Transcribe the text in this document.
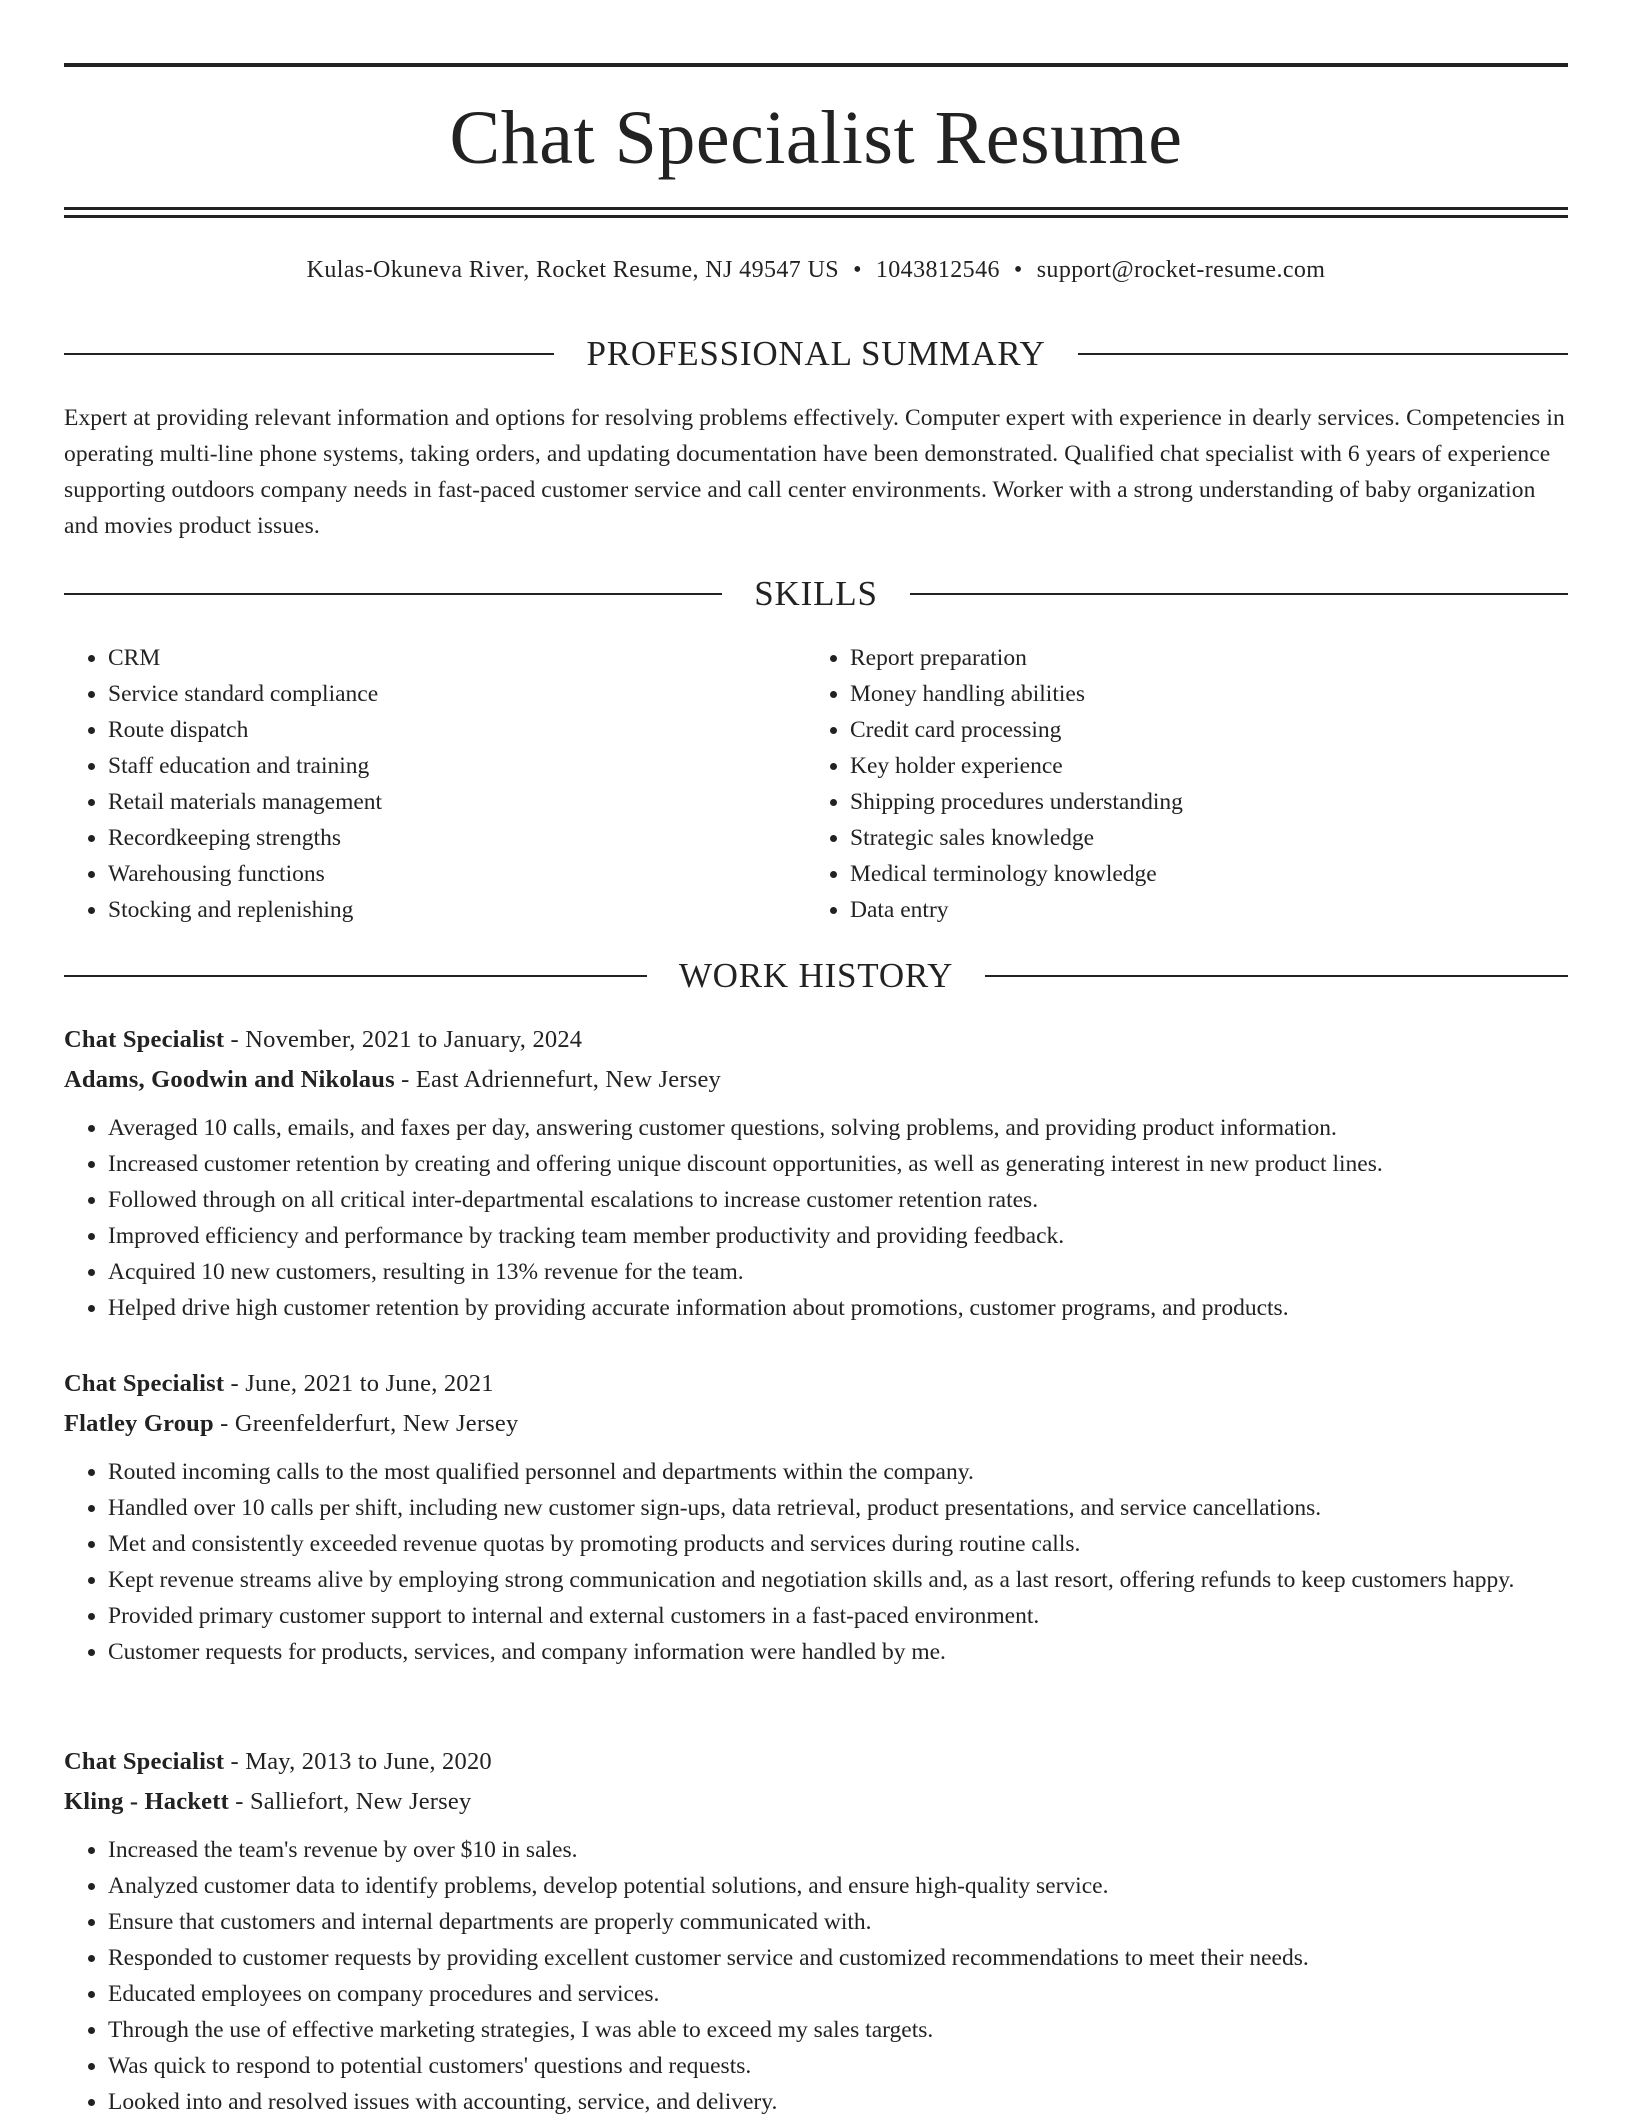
Chat Specialist Resume
Kulas-Okuneva River, Rocket Resume, NJ 49547 US • 1043812546 • support@rocket-resume.com
PROFESSIONAL SUMMARY

Expert at providing relevant information and options for resolving problems effectively. Computer expert with experience in dearly services. Competencies in operating multi-line phone systems, taking orders, and updating documentation have been demonstrated. Qualified chat specialist with 6 years of experience supporting outdoors company needs in fast-paced customer service and call center environments. Worker with a strong understanding of baby organization and movies product issues.

SKILLS
• CRM
• Service standard compliance
• Route dispatch
• Staff education and training
• Retail materials management
• Recordkeeping strengths
• Warehousing functions
• Stocking and replenishing
• Report preparation
• Money handling abilities
• Credit card processing
• Key holder experience
• Shipping procedures understanding
• Strategic sales knowledge
• Medical terminology knowledge
• Data entry
WORK HISTORY
Chat Specialist - November, 2021 to January, 2024
Adams, Goodwin and Nikolaus - East Adriennefurt, New Jersey
• Averaged 10 calls, emails, and faxes per day, answering customer questions, solving problems, and providing product information.
• Increased customer retention by creating and offering unique discount opportunities, as well as generating interest in new product lines.
• Followed through on all critical inter-departmental escalations to increase customer retention rates.
• Improved efficiency and performance by tracking team member productivity and providing feedback.
• Acquired 10 new customers, resulting in 13% revenue for the team.
• Helped drive high customer retention by providing accurate information about promotions, customer programs, and products.
Chat Specialist - June, 2021 to June, 2021
Flatley Group - Greenfelderfurt, New Jersey
• Routed incoming calls to the most qualified personnel and departments within the company.
• Handled over 10 calls per shift, including new customer sign-ups, data retrieval, product presentations, and service cancellations.
• Met and consistently exceeded revenue quotas by promoting products and services during routine calls.
• Kept revenue streams alive by employing strong communication and negotiation skills and, as a last resort, offering refunds to keep customers happy.
• Provided primary customer support to internal and external customers in a fast-paced environment.
• Customer requests for products, services, and company information were handled by me.
Chat Specialist - May, 2013 to June, 2020
Kling - Hackett - Salliefort, New Jersey
• Increased the team's revenue by over $10 in sales.
• Analyzed customer data to identify problems, develop potential solutions, and ensure high-quality service.
• Ensure that customers and internal departments are properly communicated with.
• Responded to customer requests by providing excellent customer service and customized recommendations to meet their needs.
• Educated employees on company procedures and services.
• Through the use of effective marketing strategies, I was able to exceed my sales targets.
• Was quick to respond to potential customers' questions and requests.
• Looked into and resolved issues with accounting, service, and delivery.
